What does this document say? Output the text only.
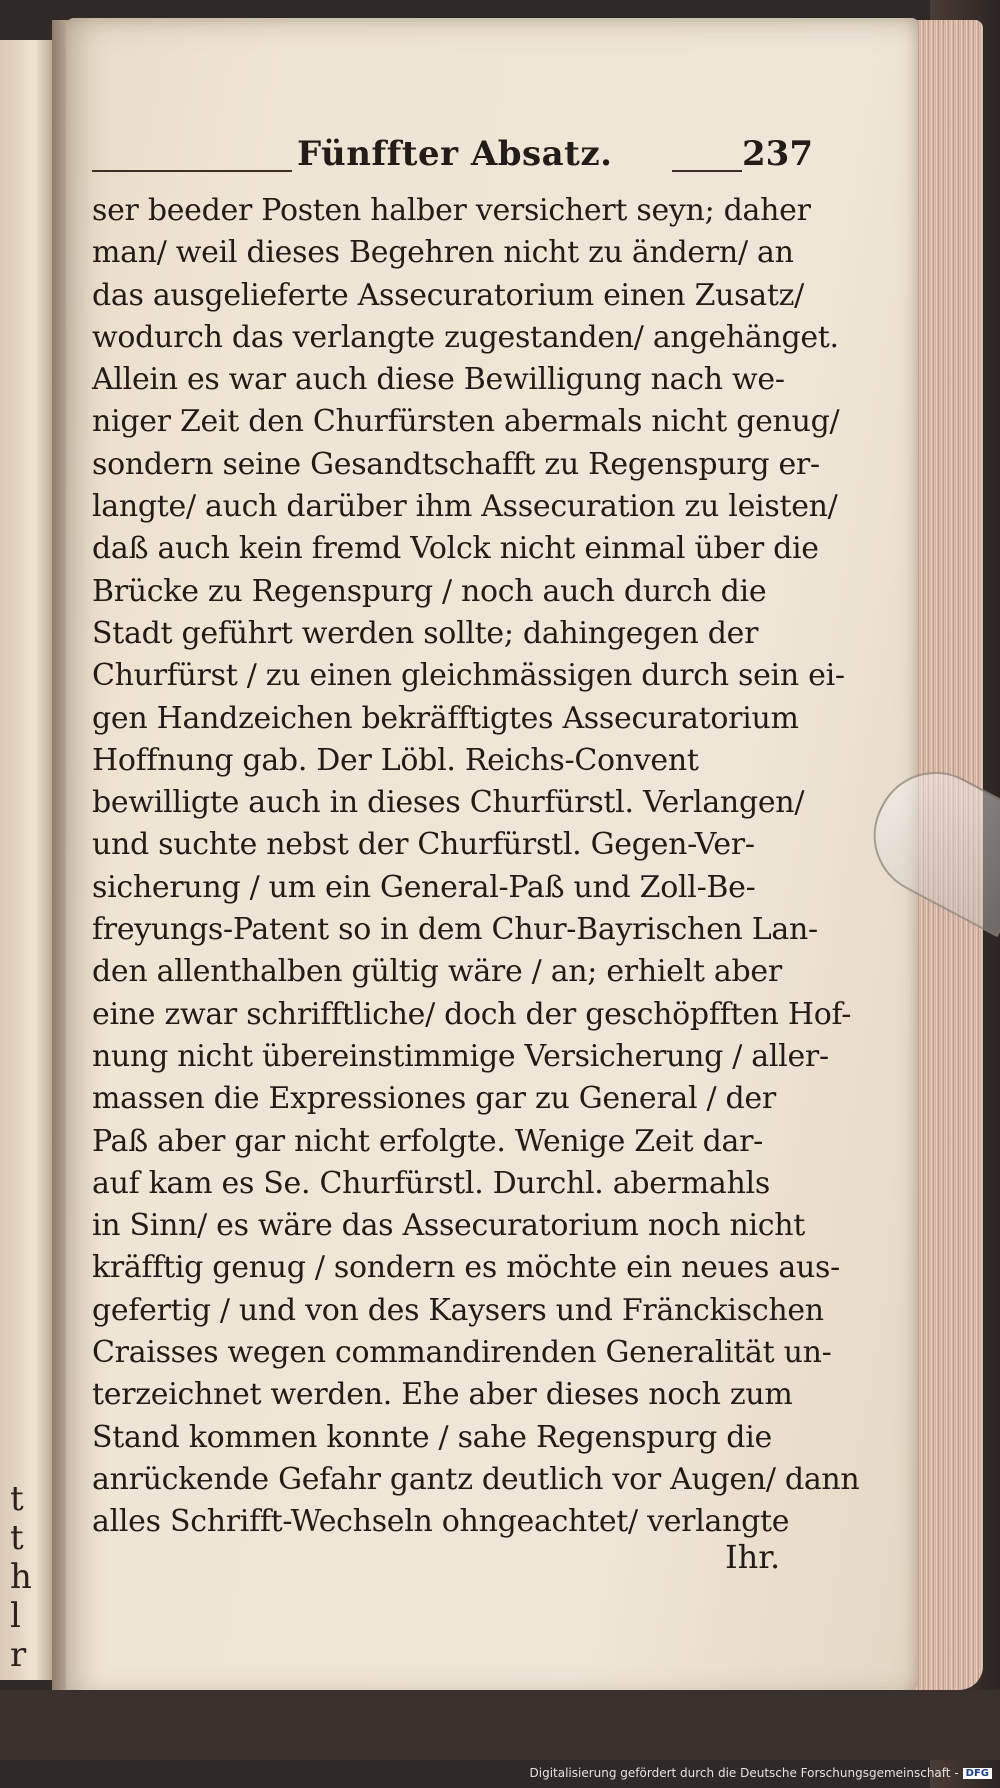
t
t
h
l
r
Fünffter Absatz.	237
ser beeder Posten halber versichert seyn; daher
man/ weil dieses Begehren nicht zu ändern/ an
das ausgelieferte Assecuratorium einen Zusatz/
wodurch das verlangte zugestanden/ angehänget.
Allein es war auch diese Bewilligung nach we-
niger Zeit den Churfürsten abermals nicht genug/
sondern seine Gesandtschafft zu Regenspurg er-
langte/ auch darüber ihm Assecuration zu leisten/
daß auch kein fremd Volck nicht einmal über die
Brücke zu Regenspurg / noch auch durch die
Stadt geführt werden sollte; dahingegen der
Churfürst / zu einen gleichmässigen durch sein ei-
gen Handzeichen bekräfftigtes Assecuratorium
Hoffnung gab. Der Löbl. Reichs-Convent
bewilligte auch in dieses Churfürstl. Verlangen/
und suchte nebst der Churfürstl. Gegen-Ver-
sicherung / um ein General-Paß und Zoll-Be-
freyungs-Patent so in dem Chur-Bayrischen Lan-
den allenthalben gültig wäre / an; erhielt aber
eine zwar schrifftliche/ doch der geschöpfften Hof-
nung nicht übereinstimmige Versicherung / aller-
massen die Expressiones gar zu General / der
Paß aber gar nicht erfolgte. Wenige Zeit dar-
auf kam es Se. Churfürstl. Durchl. abermahls
in Sinn/ es wäre das Assecuratorium noch nicht
kräfftig genug / sondern es möchte ein neues aus-
gefertig / und von des Kaysers und Fränckischen
Craisses wegen commandirenden Generalität un-
terzeichnet werden. Ehe aber dieses noch zum
Stand kommen konnte / sahe Regenspurg die
anrückende Gefahr gantz deutlich vor Augen/ dann
alles Schrifft-Wechseln ohngeachtet/ verlangte
Ihr.
Digitalisierung gefördert durch die Deutsche Forschungsgemeinschaft - DFG
